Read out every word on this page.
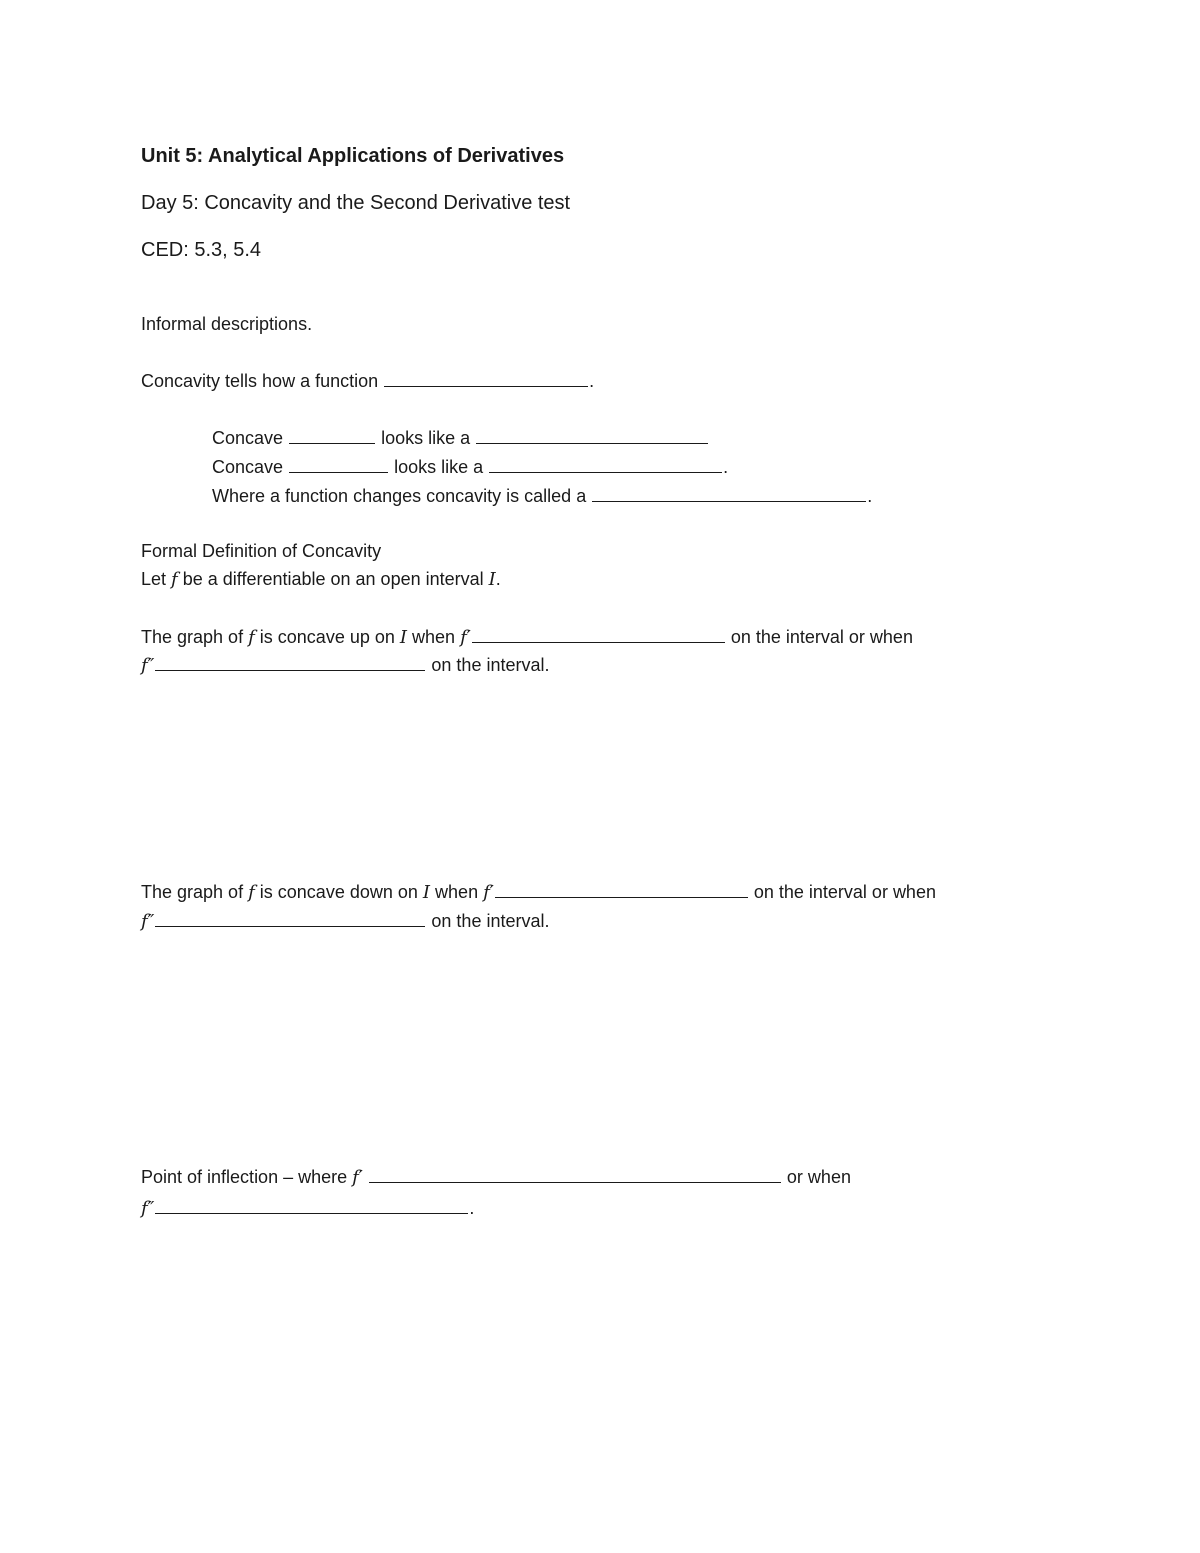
Unit 5: Analytical Applications of Derivatives
Day 5: Concavity and the Second Derivative test
CED: 5.3, 5.4
Informal descriptions.
Concavity tells how a function	.
Concave	looks like a
Concave	looks like a	.
Where a function changes concavity is called a	.
Formal Definition of Concavity
Let f be a differentiable on an open interval I.
The graph of f is concave up on I when f′	on the interval or when
f″	on the interval.
The graph of f is concave down on I when f′	on the interval or when
f″	on the interval.
Point of inflection – where f′	or when
f″	.
